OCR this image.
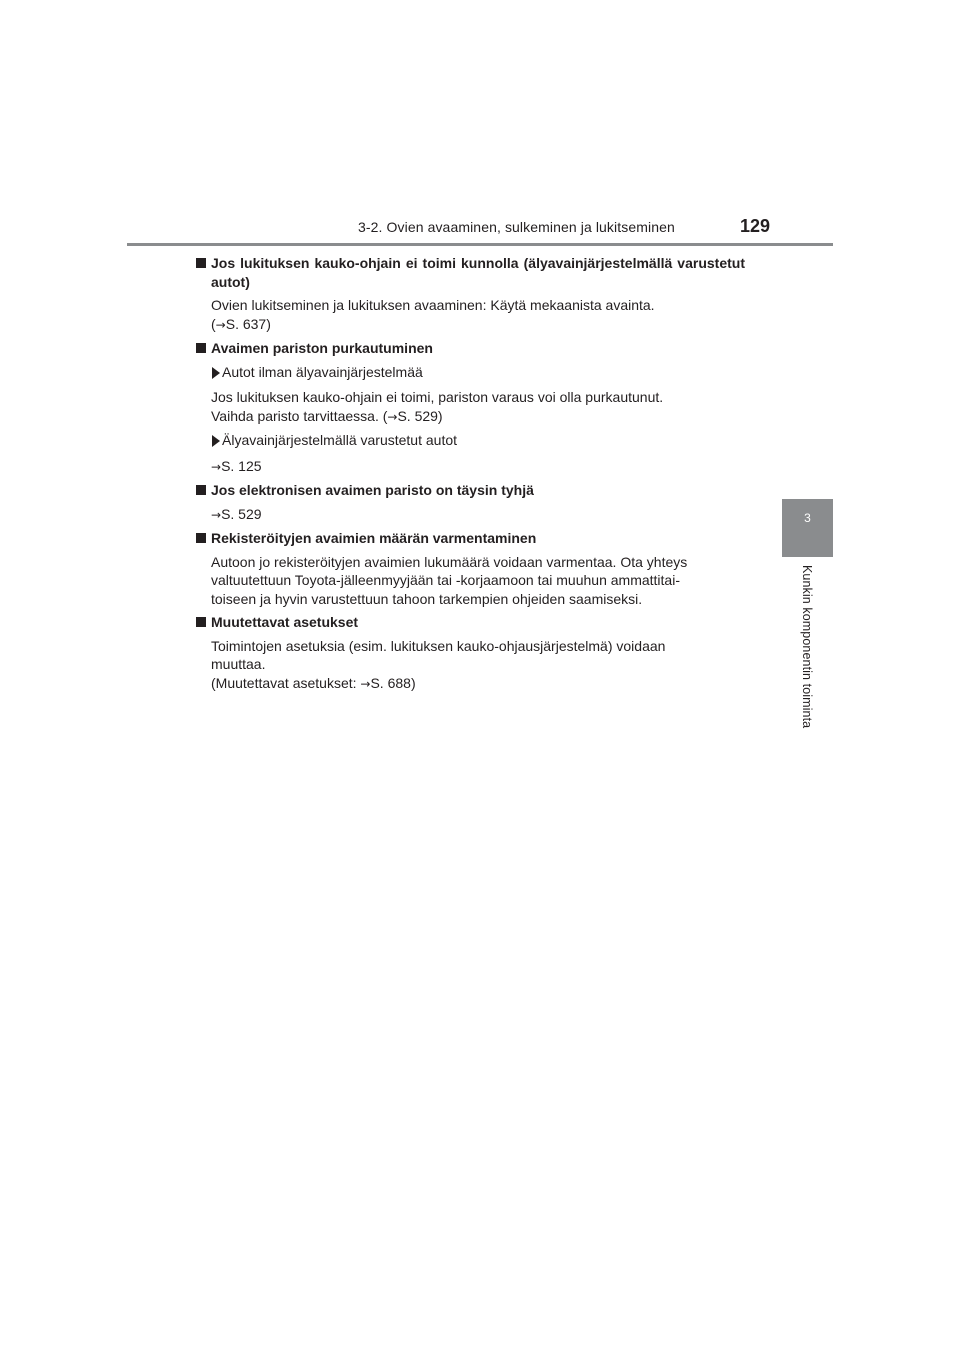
3-2. Ovien avaaminen, sulkeminen ja lukitseminen	129
3
Kunkin komponentin toiminta
Jos lukituksen kauko-ohjain ei toimi kunnolla (älyavainjärjestelmällä varustetut autot)

Ovien lukitseminen ja lukituksen avaaminen: Käytä mekaanista avainta.
(→S. 637)

Avaimen pariston purkautuminen
Autot ilman älyavainjärjestelmää

Jos lukituksen kauko-ohjain ei toimi, pariston varaus voi olla purkautunut.
Vaihda paristo tarvittaessa. (→S. 529)

Älyavainjärjestelmällä varustetut autot

→S. 125

Jos elektronisen avaimen paristo on täysin tyhjä

→S. 529

Rekisteröityjen avaimien määrän varmentaminen

Autoon jo rekisteröityjen avaimien lukumäärä voidaan varmentaa. Ota yhteys
valtuutettuun Toyota-jälleenmyyjään tai -korjaamoon tai muuhun ammattitai-
toiseen ja hyvin varustettuun tahoon tarkempien ohjeiden saamiseksi.

Muutettavat asetukset

Toimintojen asetuksia (esim. lukituksen kauko-ohjausjärjestelmä) voidaan
muuttaa.
(Muutettavat asetukset: →S. 688)
